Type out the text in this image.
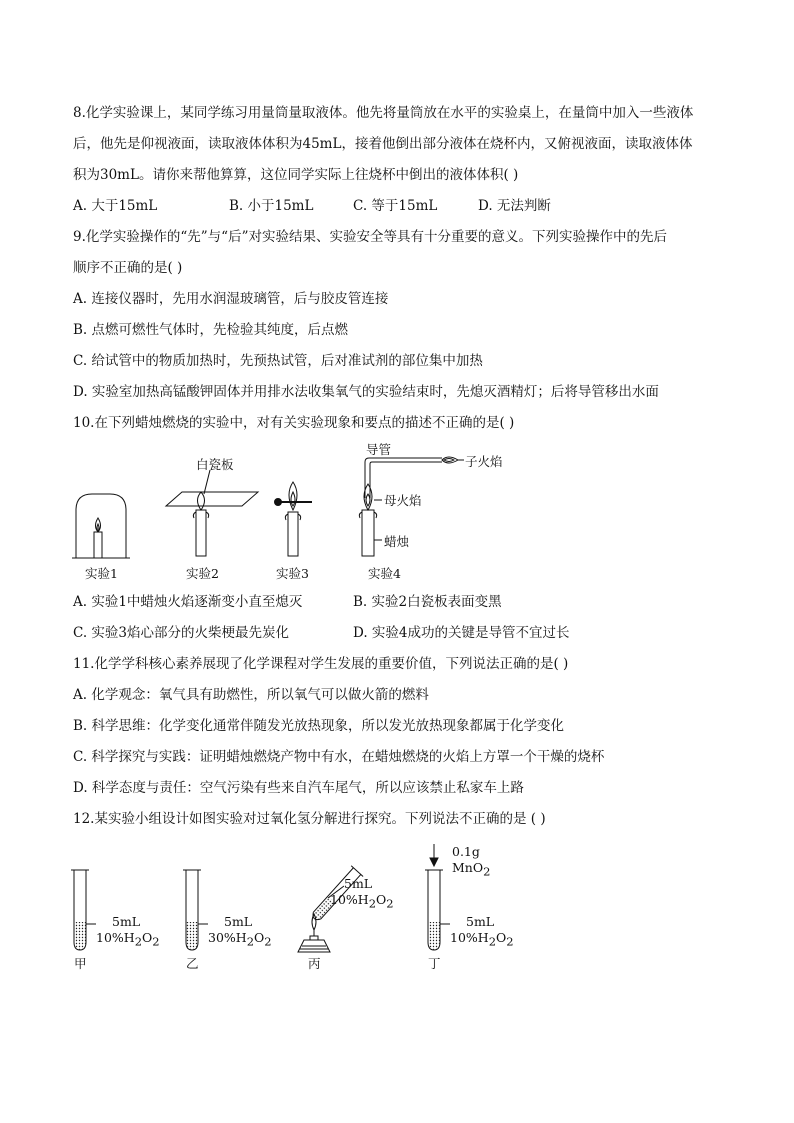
8.化学实验课上，某同学练习用量筒量取液体。他先将量筒放在水平的实验桌上，在量筒中加入一些液体
后，他先是仰视液面，读取液体体积为45mL，接着他倒出部分液体在烧杯内，又俯视液面，读取液体体
积为30mL。请你来帮他算算，这位同学实际上往烧杯中倒出的液体体积( )
A. 大于15mL	B. 小于15mL	C. 等于15mL	D. 无法判断
9.化学实验操作的“先”与“后”对实验结果、实验安全等具有十分重要的意义。下列实验操作中的先后
顺序不正确的是( )
A. 连接仪器时，先用水润湿玻璃管，后与胶皮管连接
B. 点燃可燃性气体时，先检验其纯度，后点燃
C. 给试管中的物质加热时，先预热试管，后对准试剂的部位集中加热
D. 实验室加热高锰酸钾固体并用排水法收集氧气的实验结束时，先熄灭酒精灯；后将导管移出水面
10.在下列蜡烛燃烧的实验中，对有关实验现象和要点的描述不正确的是( )
白瓷板
导管
子火焰
母火焰
蜡烛
实验1	实验2	实验3	实验4
A. 实验1中蜡烛火焰逐渐变小直至熄灭	B. 实验2白瓷板表面变黑
C. 实验3焰心部分的火柴梗最先炭化	D. 实验4成功的关键是导管不宜过长
11.化学学科核心素养展现了化学课程对学生发展的重要价值，下列说法正确的是( )
A. 化学观念：氧气具有助燃性，所以氧气可以做火箭的燃料
B. 科学思维：化学变化通常伴随发光放热现象，所以发光放热现象都属于化学变化
C. 科学探究与实践：证明蜡烛燃烧产物中有水，在蜡烛燃烧的火焰上方罩一个干燥的烧杯
D. 科学态度与责任：空气污染有些来自汽车尾气，所以应该禁止私家车上路
12.某实验小组设计如图实验对过氧化氢分解进行探究。下列说法不正确的是 ( )
5mL
$10\%H_2O_2$
5mL
$30\%H_2O_2$
5mL
$10\%H_2O_2$
0.1g
MnO$_2$
5mL
$10\%H_2O_2$
甲	乙	丙	丁
